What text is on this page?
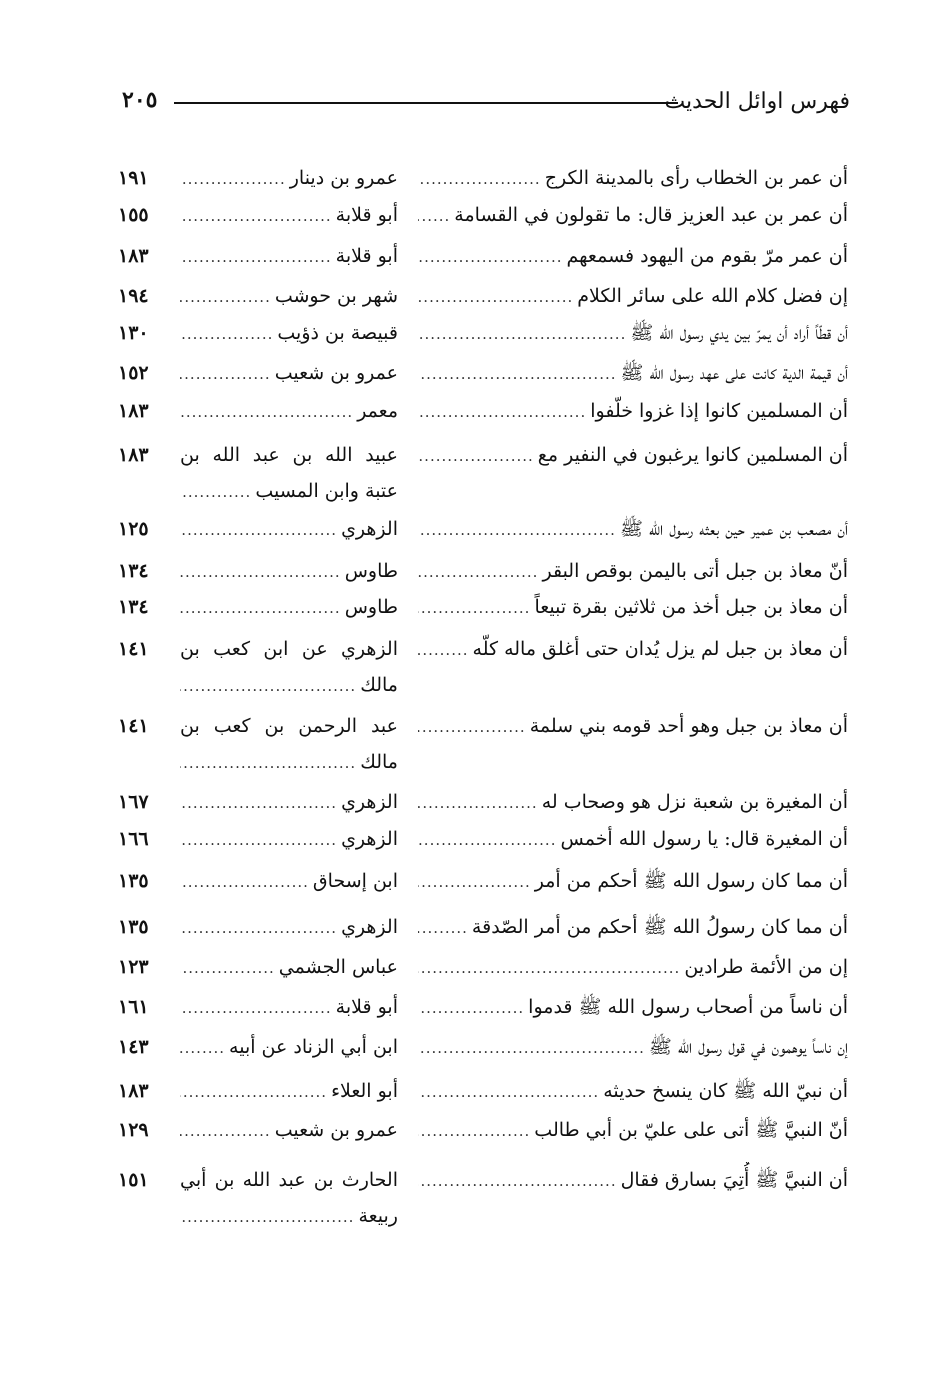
فهرس اوائل الحديث
٢٠٥
أن عمر بن الخطاب رأى بالمدينة الكرج
.....
عمرو بن دينار
.....
١٩١
أن عمر بن عبد العزيز قال: ما تقولون في القسامة
.....
أبو قلابة
.....
١٥٥
أن عمر مرّ بقوم من اليهود فسمعهم
.....
أبو قلابة
.....
١٨٣
إن فضل كلام الله على سائر الكلام
.....
شهر بن حوشب
.....
١٩٤
أن قطّاً أراد أن يمرّ بين يدي رسول الله ﷺ
.....
قبيصة بن ذؤيب
.....
١٣٠
أن قيمة الدية كانت على عهد رسول الله ﷺ
.....
عمرو بن شعيب
.....
١٥٢
أن المسلمين كانوا إذا غزوا خلّفوا
.....
معمر
.....
١٨٣
أن المسلمين كانوا يرغبون في النفير مع
.....
عبيد الله بن عبد الله بن
عتبة وابن المسيب
.....
١٨٣
أن مصعب بن عمير حين بعثه رسول الله ﷺ
.....
الزهري
.....
١٢٥
أنّ معاذ بن جبل أتى باليمن بوقص البقر
.....
طاوس
.....
١٣٤
أن معاذ بن جبل أخذ من ثلاثين بقرة تبيعاً
.....
طاوس
.....
١٣٤
أن معاذ بن جبل لم يزل يُدان حتى أغلق ماله كلّه
.....
الزهري عن ابن كعب بن
مالك
.....
١٤١
أن معاذ بن جبل وهو أحد قومه بني سلمة
.....
عبد الرحمن بن كعب بن
مالك
.....
١٤١
أن المغيرة بن شعبة نزل هو وصحاب له
.....
الزهري
.....
١٦٧
أن المغيرة قال: يا رسول الله أخمس
.....
الزهري
.....
١٦٦
أن مما كان رسول الله ﷺ أحكم من أمر
.....
ابن إسحاق
.....
١٣٥
أن مما كان رسولُ الله ﷺ أحكم من أمر الصّدقة
.....
الزهري
.....
١٣٥
إن من الأئمة طرادين
.....
عباس الجشمي
.....
١٢٣
أن ناساً من أصحاب رسول الله ﷺ قدموا
.....
أبو قلابة
.....
١٦١
إن ناساً يوهمون في قول رسول الله ﷺ
.....
ابن أبي الزناد عن أبيه
.....
١٤٣
أن نبيّ الله ﷺ كان ينسخ حديثه
.....
أبو العلاء
.....
١٨٣
أنّ النبيَّ ﷺ أتى على عليّ بن أبي طالب
.....
عمرو بن شعيب
.....
١٢٩
أن النبيَّ ﷺ أُتِيَ بسارق فقال
.....
الحارث بن عبد الله بن أبي
ربيعة
.....
١٥١
